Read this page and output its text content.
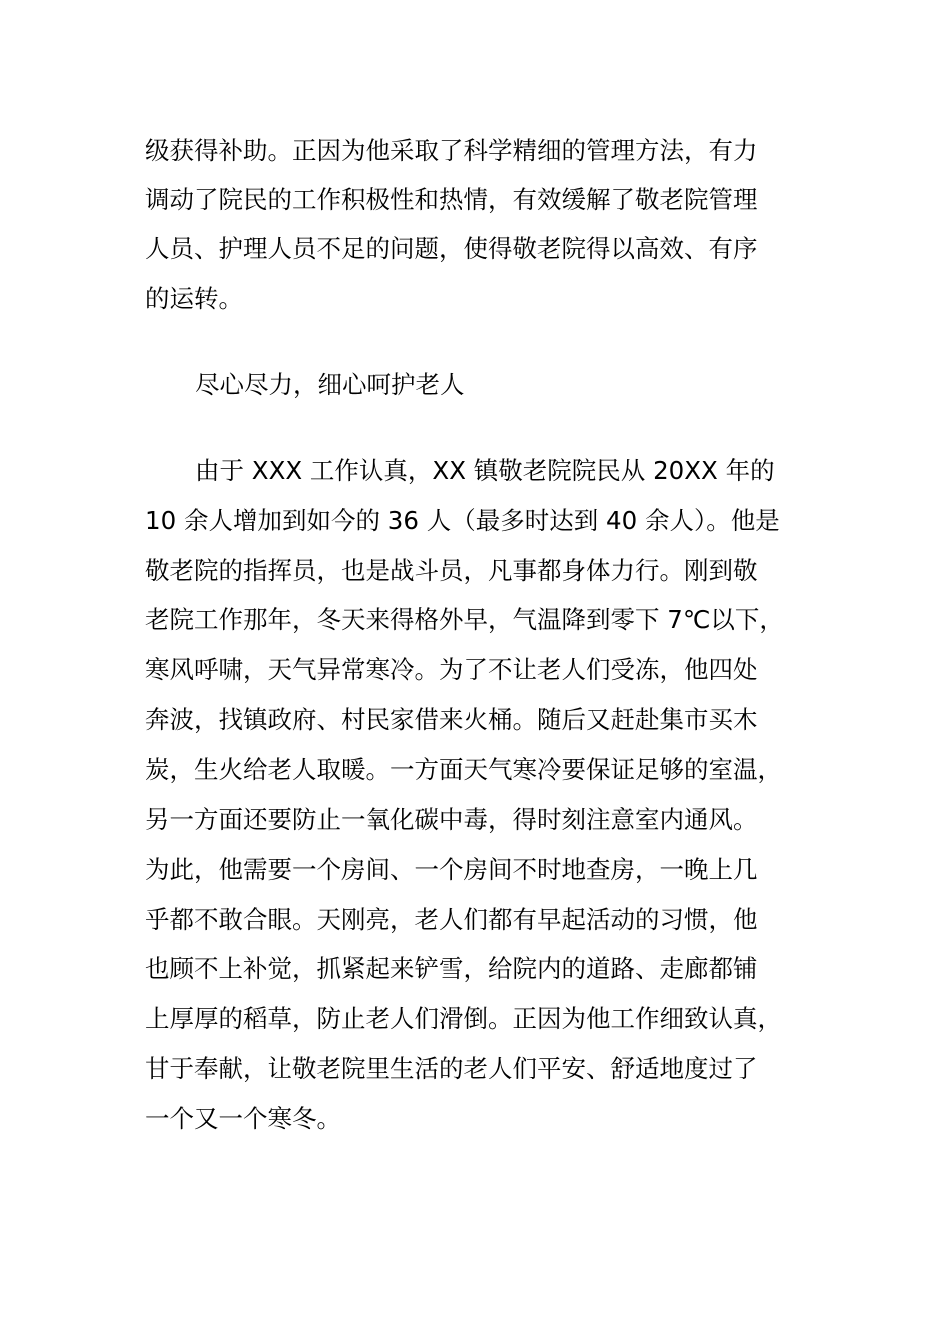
级获得补助。正因为他采取了科学精细的管理方法，有力

调动了院民的工作积极性和热情，有效缓解了敬老院管理

人员、护理人员不足的问题，使得敬老院得以高效、有序

的运转。

尽心尽力，细心呵护老人

由于 XXX 工作认真，XX 镇敬老院院民从 20XX 年的

10 余人增加到如今的 36 人（最多时达到 40 余人）。他是

敬老院的指挥员，也是战斗员，凡事都身体力行。刚到敬

老院工作那年，冬天来得格外早，气温降到零下 7℃以下，

寒风呼啸，天气异常寒冷。为了不让老人们受冻，他四处

奔波，找镇政府、村民家借来火桶。随后又赶赴集市买木

炭，生火给老人取暖。一方面天气寒冷要保证足够的室温，

另一方面还要防止一氧化碳中毒，得时刻注意室内通风。

为此，他需要一个房间、一个房间不时地查房，一晚上几

乎都不敢合眼。天刚亮，老人们都有早起活动的习惯，他

也顾不上补觉，抓紧起来铲雪，给院内的道路、走廊都铺

上厚厚的稻草，防止老人们滑倒。正因为他工作细致认真，

甘于奉献，让敬老院里生活的老人们平安、舒适地度过了

一个又一个寒冬。
